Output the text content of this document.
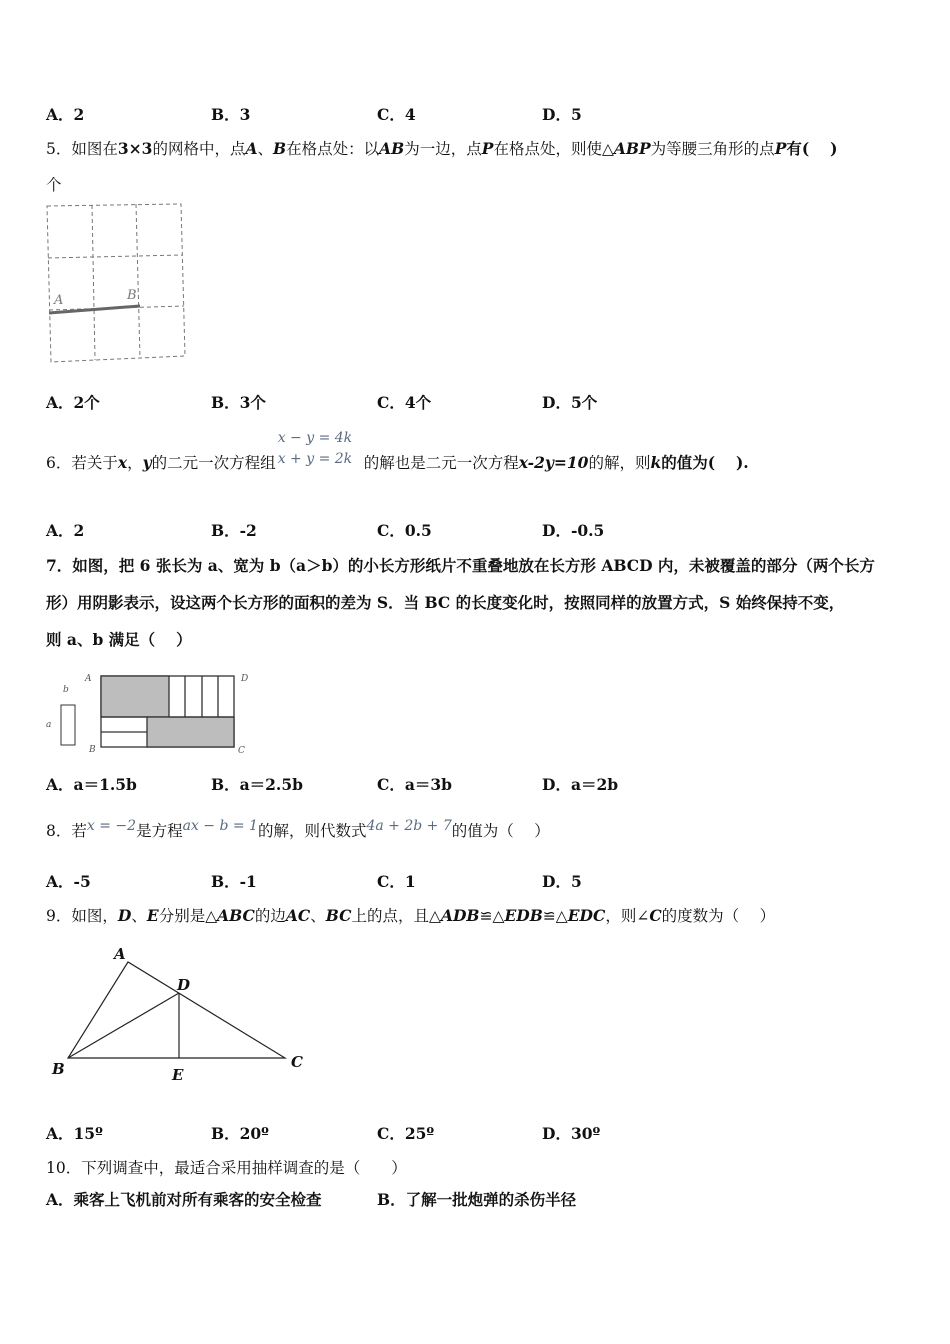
A．2	B．3	C．4	D．5
5．如图在3×3的网格中，点A、B在格点处：以AB为一边，点P在格点处，则使△ABP为等腰三角形的点P有(　 )
个
A	B
A．2个	B．3个	C．4个	D．5个
6．若关于x，y的二元一次方程组
x − y = 4k
x + y = 2k 的解也是二元一次方程x-2y=10的解，则k的值为(　 ).
A．2	B．-2	C．0.5	D．-0.5
7．如图，把 6 张长为 a、宽为 b（a＞b）的小长方形纸片不重叠地放在长方形 ABCD 内，未被覆盖的部分（两个长方
形）用阴影表示，设这两个长方形的面积的差为 S．当 BC 的长度变化时，按照同样的放置方式，S 始终保持不变，
则 a、b 满足（　 ）
b
a
A	D
B	C
A．a＝1.5b	B．a＝2.5b	C．a＝3b	D．a＝2b
8．若x = −2是方程ax − b = 1的解，则代数式4a + 2b + 7的值为（　 ）
A．-5	B．-1	C．1	D．5
9．如图，D、E分别是△ABC的边AC、BC上的点，且△ADB≌△EDB≌△EDC，则∠C的度数为（　 ）
A
D
B	E
C
A．15º	B．20º	C．25º	D．30º
10．下列调查中，最适合采用抽样调查的是（　　）
A．乘客上飞机前对所有乘客的安全检查	B．了解一批炮弹的杀伤半径
